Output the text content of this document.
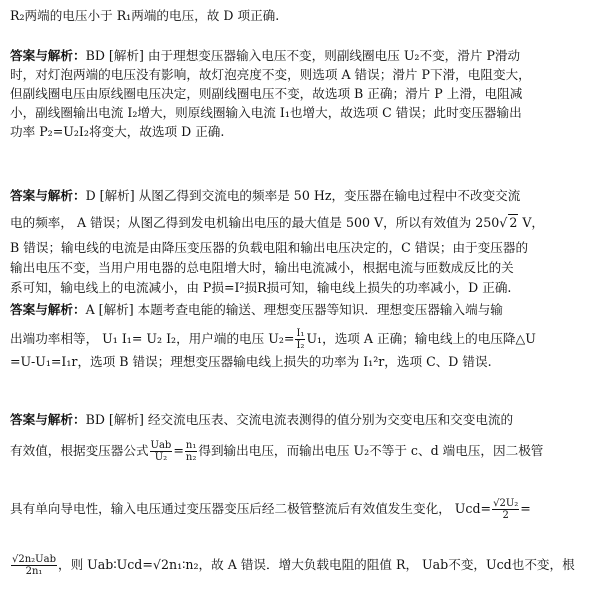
R₂两端的电压小于 R₁两端的电压，故 D 项正确.
答案与解析：BD [解析] 由于理想变压器输入电压不变，则副线圈电压 U₂不变，滑片 P滑动
时，对灯泡两端的电压没有影响，故灯泡亮度不变，则选项 A 错误；滑片 P下滑，电阻变大，
但副线圈电压由原线圈电压决定，则副线圈电压不变，故选项 B 正确；滑片 P 上滑，电阻减
小，副线圈输出电流 I₂增大，则原线圈输入电流 I₁也增大，故选项 C 错误；此时变压器输出
功率 P₂=U₂I₂将变大，故选项 D 正确.
答案与解析：D [解析] 从图乙得到交流电的频率是 50 Hz，变压器在输电过程中不改变交流
电的频率， A 错误；从图乙得到发电机输出电压的最大值是 500 V，所以有效值为 250√ 2 V，
B 错误；输电线的电流是由降压变压器的负载电阻和输出电压决定的，C 错误；由于变压器的
输出电压不变，当用户用电器的总电阻增大时，输出电流减小，根据电流与匝数成反比的关
系可知，输电线上的电流减小，由 P损=I²损R损可知，输电线上损失的功率减小，D 正确.
答案与解析：A [解析] 本题考查电能的输送、理想变压器等知识．理想变压器输入端与输
出端功率相等， U₁ I₁= U₂ I₂，用户端的电压 $U_2= \frac{\text{I₁}}{\text{I₂}} U_1$，选项 A 正确；输电线上的电压降△U
=U-U₁=I₁r，选项 B 错误；理想变压器输电线上损失的功率为 I₁²r，选项 C、D 错误.
答案与解析：BD [解析] 经交流电压表、交流电流表测得的值分别为交变电压和交变电流的
有效值，根据变压器公式 $\frac{\text{Uab}}{\text{U₂}} = \frac{\text{n₁}}{\text{n₂}}$ 得到输出电压，而输出电压 U₂不等于 c、d 端电压，因二极管
具有单向导电性，输入电压通过变压器变压后经二极管整流后有效值发生变化， $Ucd= \frac{\text{√2U₂}}{2}$ =
$\frac{\text{√2n₂Uab}}{\text{2n₁}}$ ，则 Uab∶Ucd=√2n₁∶n₂，故 A 错误．增大负载电阻的阻值 R， Uab不变，Ucd也不变，根
